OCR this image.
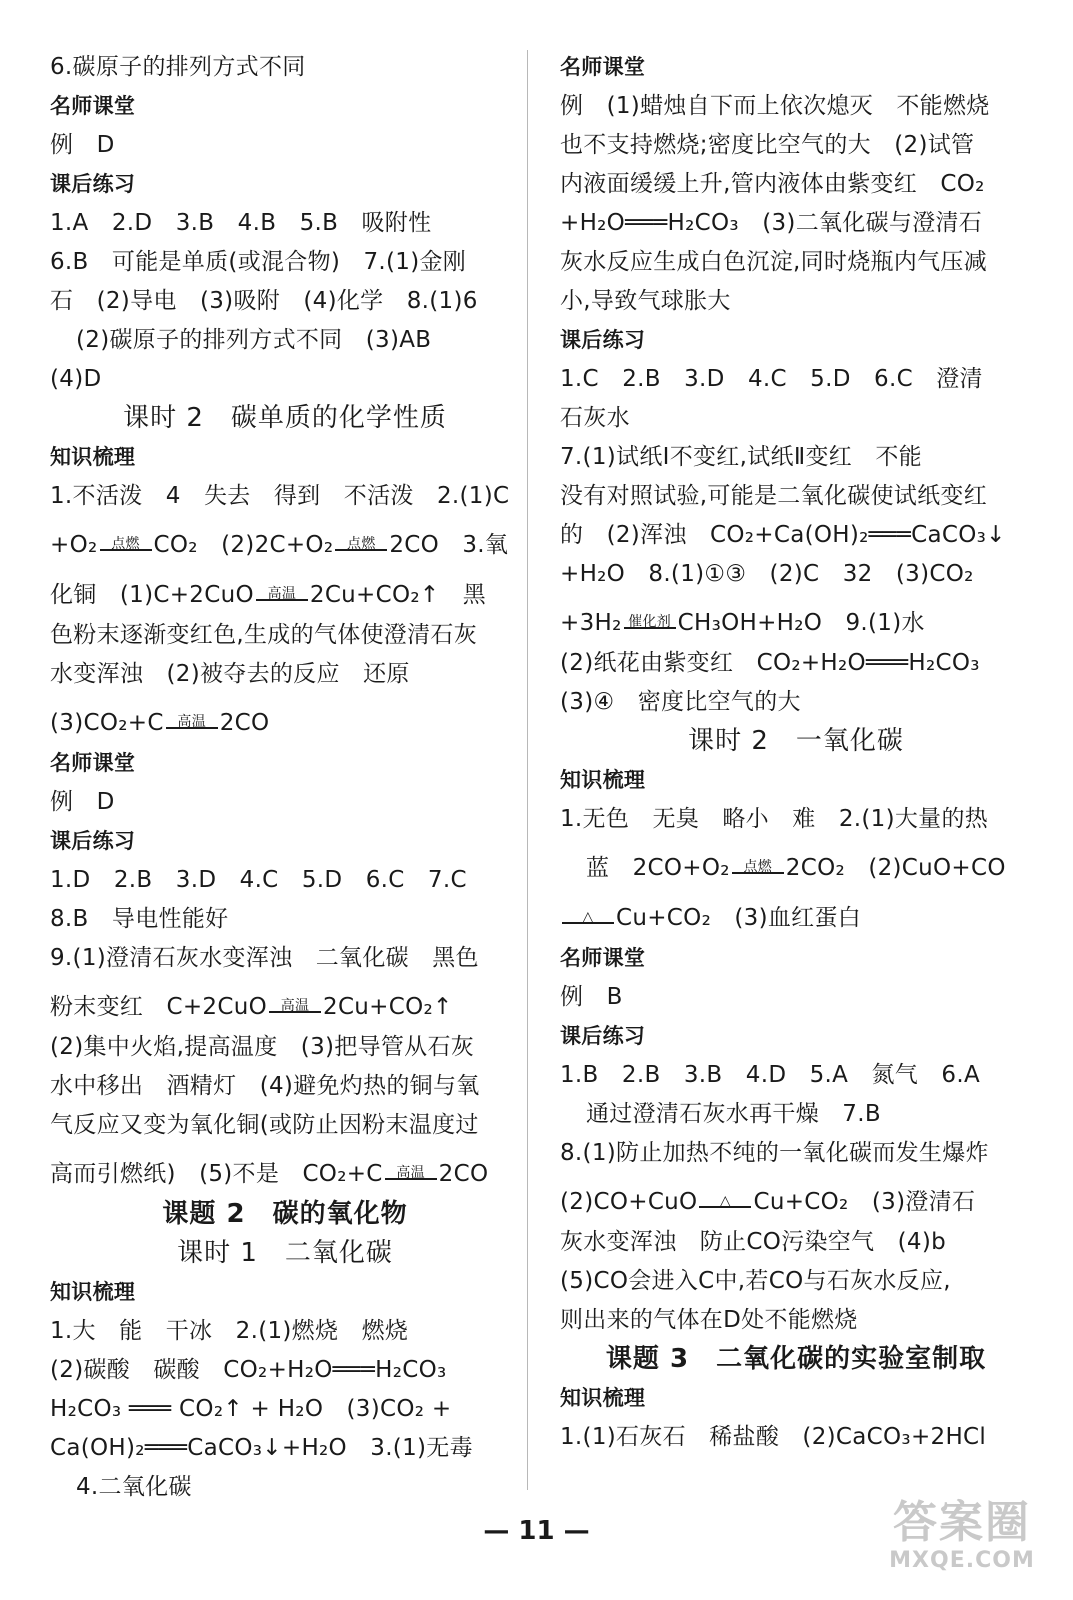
6.碳原子的排列方式不同
名师课堂
例　D
课后练习
1.A　2.D　3.B　4.B　5.B　吸附性
6.B　可能是单质(或混合物)　7.(1)金刚
石　(2)导电　(3)吸附　(4)化学　8.(1)6
(2)碳原子的排列方式不同　(3)AB
(4)D
课时 2　碳单质的化学性质
知识梳理
1.不活泼　4　失去　得到　不活泼　2.(1)C
+O₂ 点燃 CO₂　(2)2C+O₂ 点燃 2CO　3.氧
化铜　(1)C+2CuO 高温 2Cu+CO₂↑　黑
色粉末逐渐变红色,生成的气体使澄清石灰
水变浑浊　(2)被夺去的反应　还原
(3)CO₂+C 高温 2CO
名师课堂
例　D
课后练习
1.D　2.B　3.D　4.C　5.D　6.C　7.C
8.B　导电性能好
9.(1)澄清石灰水变浑浊　二氧化碳　黑色
粉末变红　C+2CuO 高温 2Cu+CO₂↑
(2)集中火焰,提高温度　(3)把导管从石灰
水中移出　酒精灯　(4)避免灼热的铜与氧
气反应又变为氧化铜(或防止因粉末温度过
高而引燃纸)　(5)不是　CO₂+C 高温 2CO
课题 2　碳的氧化物
课时 1　二氧化碳
知识梳理
1.大　能　干冰　2.(1)燃烧　燃烧
(2)碳酸　碳酸　CO₂+H₂O═══H₂CO₃
H₂CO₃ ═══ CO₂↑ + H₂O　(3)CO₂ +
Ca(OH)₂═══CaCO₃↓+H₂O　3.(1)无毒
4.二氧化碳
名师课堂
例　(1)蜡烛自下而上依次熄灭　不能燃烧
也不支持燃烧;密度比空气的大　(2)试管
内液面缓缓上升,管内液体由紫变红　CO₂
+H₂O═══H₂CO₃　(3)二氧化碳与澄清石
灰水反应生成白色沉淀,同时烧瓶内气压减
小,导致气球胀大
课后练习
1.C　2.B　3.D　4.C　5.D　6.C　澄清
石灰水
7.(1)试纸Ⅰ不变红,试纸Ⅱ变红　不能
没有对照试验,可能是二氧化碳使试纸变红
的　(2)浑浊　CO₂+Ca(OH)₂═══CaCO₃↓
+H₂O　8.(1)①③　(2)C　32　(3)CO₂
+3H₂ 催化剂 CH₃OH+H₂O　9.(1)水
(2)纸花由紫变红　CO₂+H₂O═══H₂CO₃
(3)④　密度比空气的大
课时 2　一氧化碳
知识梳理
1.无色　无臭　略小　难　2.(1)大量的热
蓝　2CO+O₂ 点燃 2CO₂　(2)CuO+CO
△ Cu+CO₂　(3)血红蛋白
名师课堂
例　B
课后练习
1.B　2.B　3.B　4.D　5.A　氮气　6.A
通过澄清石灰水再干燥　7.B
8.(1)防止加热不纯的一氧化碳而发生爆炸
(2)CO+CuO	△ Cu+CO₂　(3)澄清石
灰水变浑浊　防止CO污染空气　(4)b
(5)CO会进入C中,若CO与石灰水反应,
则出来的气体在D处不能燃烧
课题 3　二氧化碳的实验室制取
知识梳理
1.(1)石灰石　稀盐酸　(2)CaCO₃+2HCl
— 11 —	答案圈
MXQE.COM
